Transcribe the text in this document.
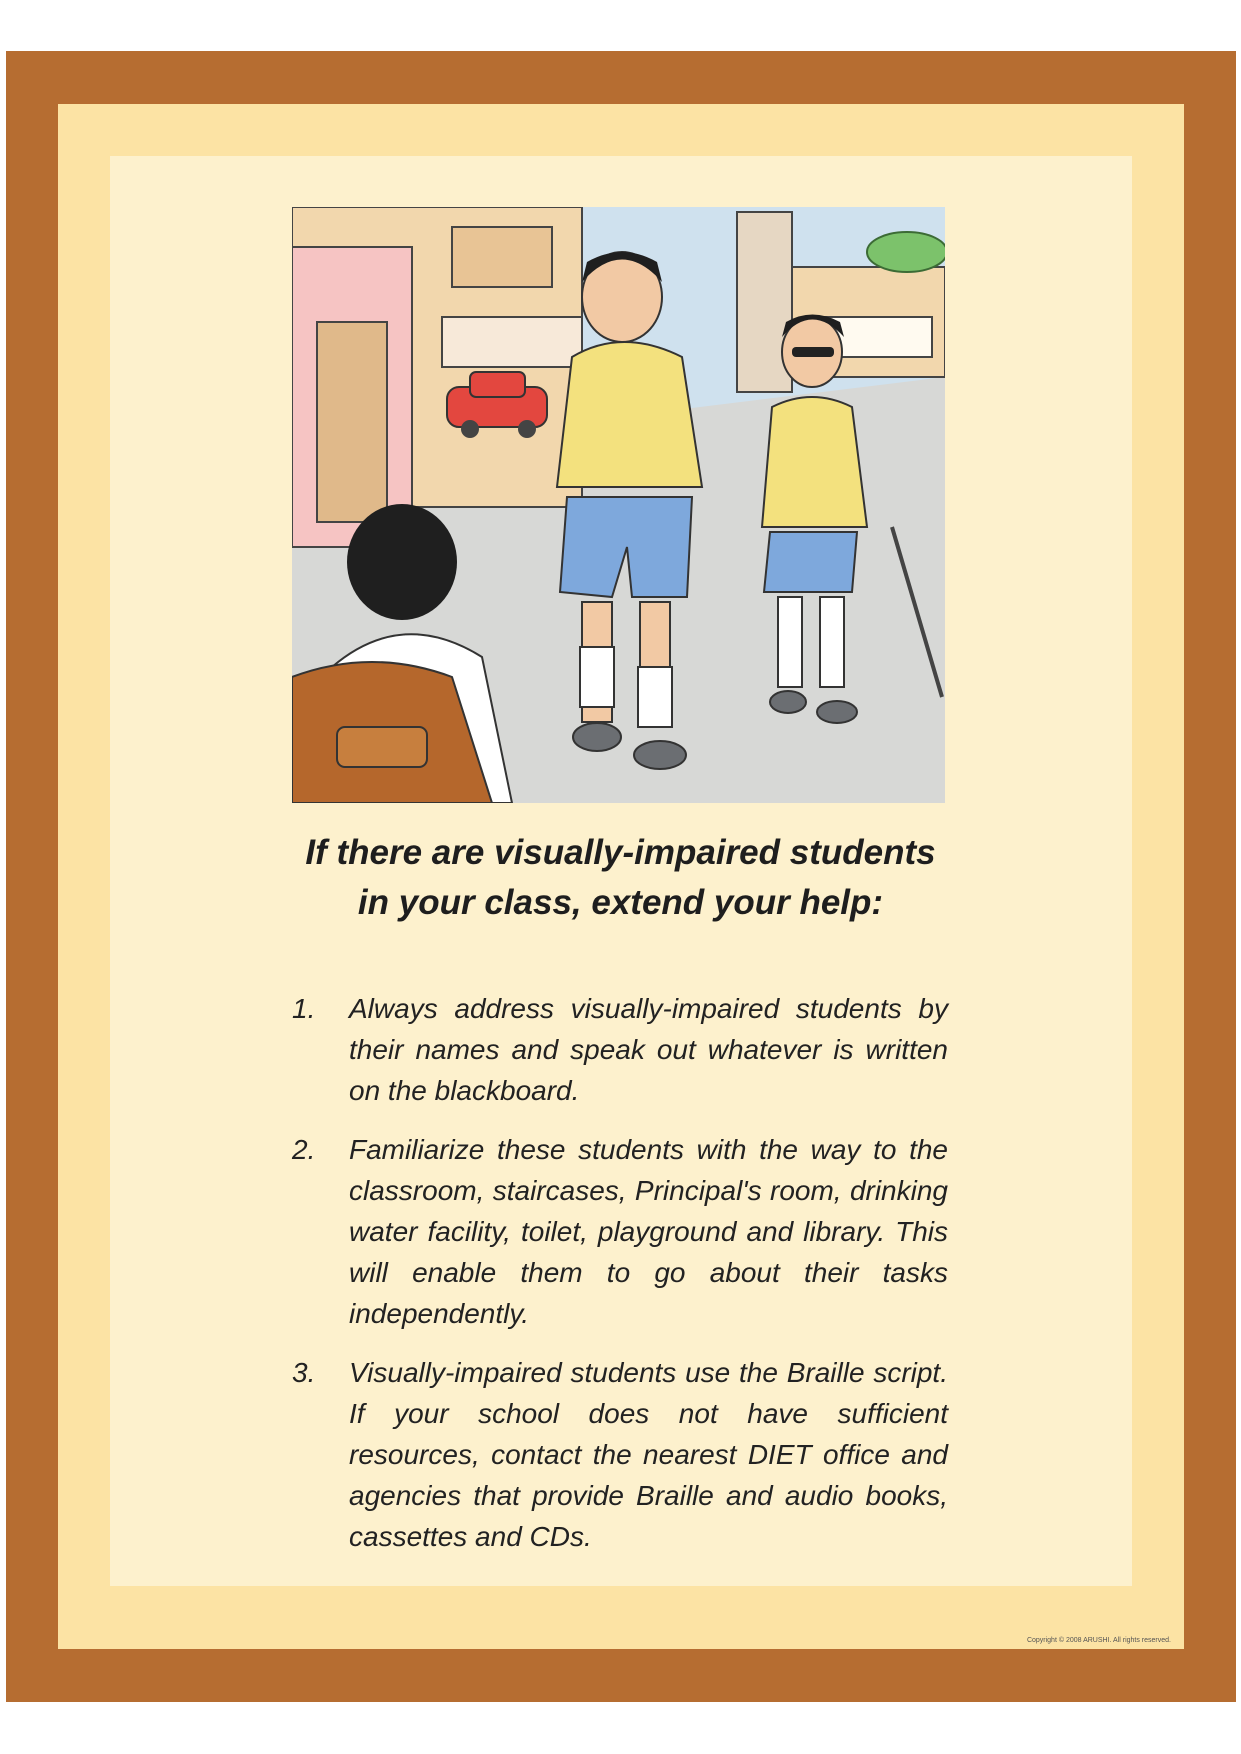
If there are visually-impaired students
in your class, extend your help:
1. Always address visually-impaired students by their names and speak out whatever is written on the blackboard.
2. Familiarize these students with the way to the classroom, staircases, Principal's room, drinking water facility, toilet, playground and library. This will enable them to go about their tasks independently.
3. Visually-impaired students use the Braille script. If your school does not have sufficient resources, contact the nearest DIET office and agencies that provide Braille and audio books, cassettes and CDs.
Copyright © 2008 ARUSHI. All rights reserved.
